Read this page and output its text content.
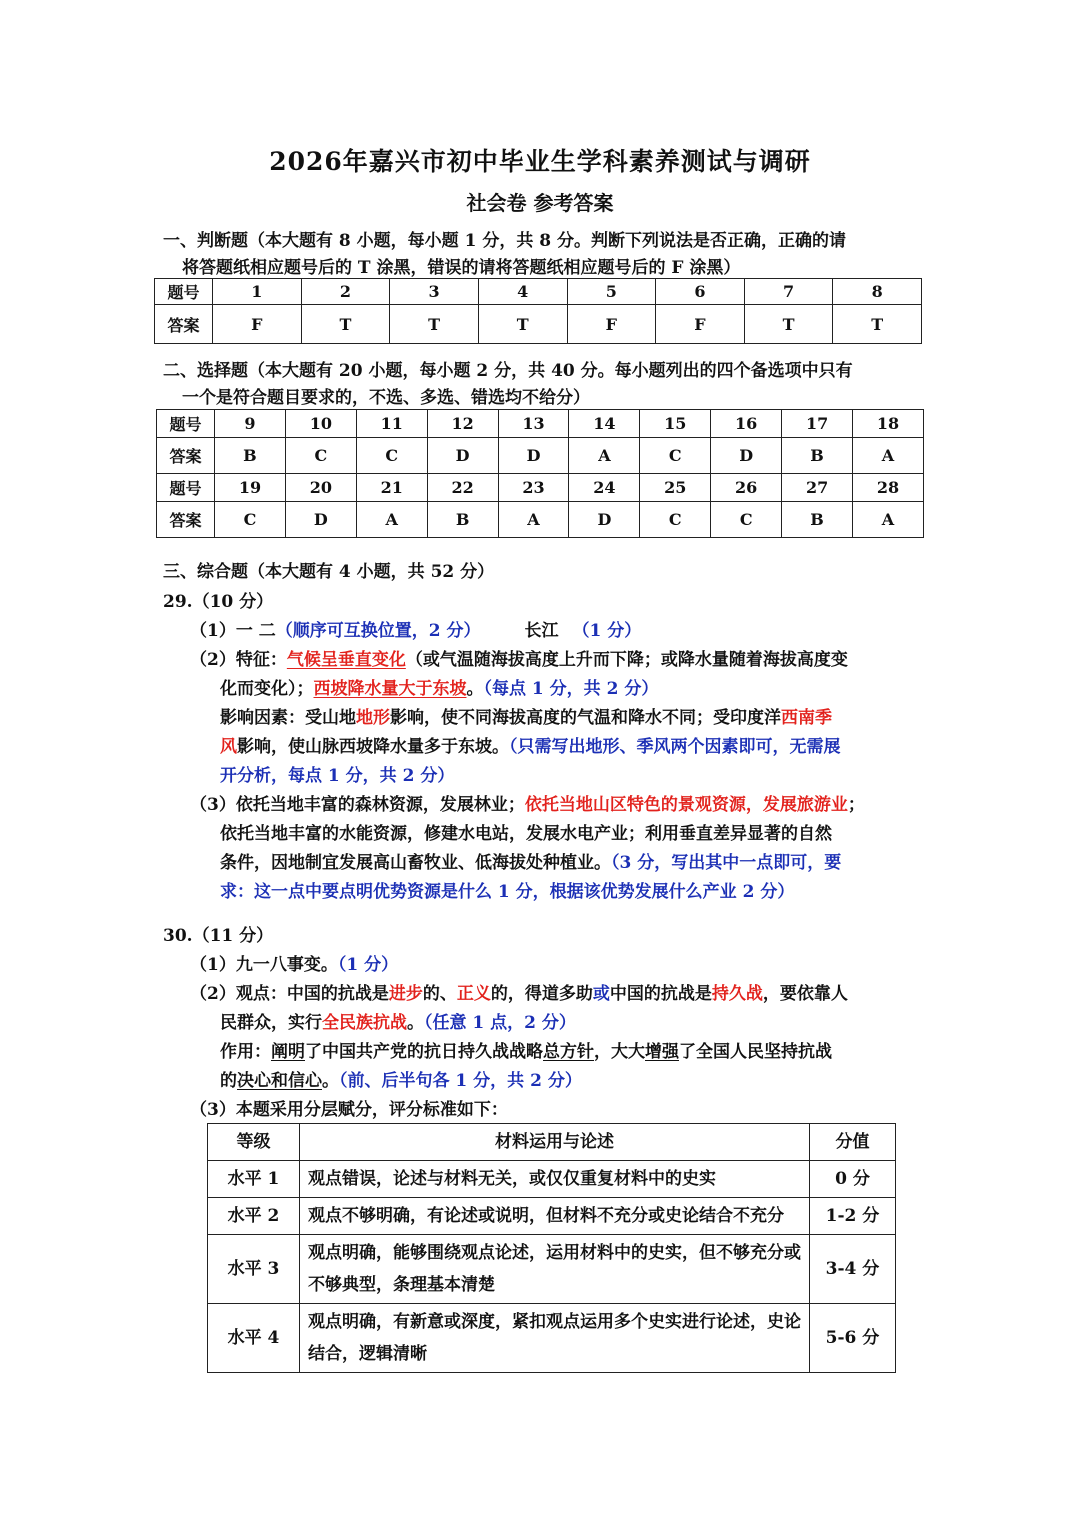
2026年嘉兴市初中毕业生学科素养测试与调研
社会卷 参考答案
一、判断题（本大题有 8 小题，每小题 1 分，共 8 分。判断下列说法是否正确，正确的请
将答题纸相应题号后的 T 涂黑，错误的请将答题纸相应题号后的 F 涂黑）
题号	1	2	3	4	5	6	7	8
答案	F	T	T	T	F	F	T	T
二、选择题（本大题有 20 小题，每小题 2 分，共 40 分。每小题列出的四个备选项中只有
一个是符合题目要求的，不选、多选、错选均不给分）
题号	9	10	11	12	13	14	15	16	17	18
答案	B	C	C	D	D	A	C	D	B	A
题号	19	20	21	22	23	24	25	26	27	28
答案	C	D	A	B	A	D	C	C	B	A
三、综合题（本大题有 4 小题，共 52 分）
29.（10 分）
（1）一 二（顺序可互换位置，2 分）	长江 （1 分）
（2）特征：气候呈垂直变化（或气温随海拔高度上升而下降；或降水量随着海拔高度变
化而变化）；西坡降水量大于东坡。（每点 1 分，共 2 分）
影响因素：受山地地形影响，使不同海拔高度的气温和降水不同；受印度洋西南季
风影响，使山脉西坡降水量多于东坡。（只需写出地形、季风两个因素即可，无需展
开分析，每点 1 分，共 2 分）
（3）依托当地丰富的森林资源，发展林业；依托当地山区特色的景观资源，发展旅游业；
依托当地丰富的水能资源，修建水电站，发展水电产业；利用垂直差异显著的自然
条件，因地制宜发展高山畜牧业、低海拔处种植业。（3 分，写出其中一点即可，要
求：这一点中要点明优势资源是什么 1 分，根据该优势发展什么产业 2 分）
30.（11 分）
（1）九一八事变。（1 分）
（2）观点：中国的抗战是进步的、正义的，得道多助或中国的抗战是持久战，要依靠人
民群众，实行全民族抗战。（任意 1 点，2 分）
作用：阐明了中国共产党的抗日持久战战略总方针，大大增强了全国人民坚持抗战
的决心和信心。（前、后半句各 1 分，共 2 分）
（3）本题采用分层赋分，评分标准如下：
等级	材料运用与论述	分值
水平 1	观点错误，论述与材料无关，或仅仅重复材料中的史实	0 分
水平 2	观点不够明确，有论述或说明，但材料不充分或史论结合不充分	1-2 分
水平 3	观点明确，能够围绕观点论述，运用材料中的史实，但不够充分或不够典型，条理基本清楚	3-4 分
水平 4	观点明确，有新意或深度，紧扣观点运用多个史实进行论述，史论结合，逻辑清晰	5-6 分
